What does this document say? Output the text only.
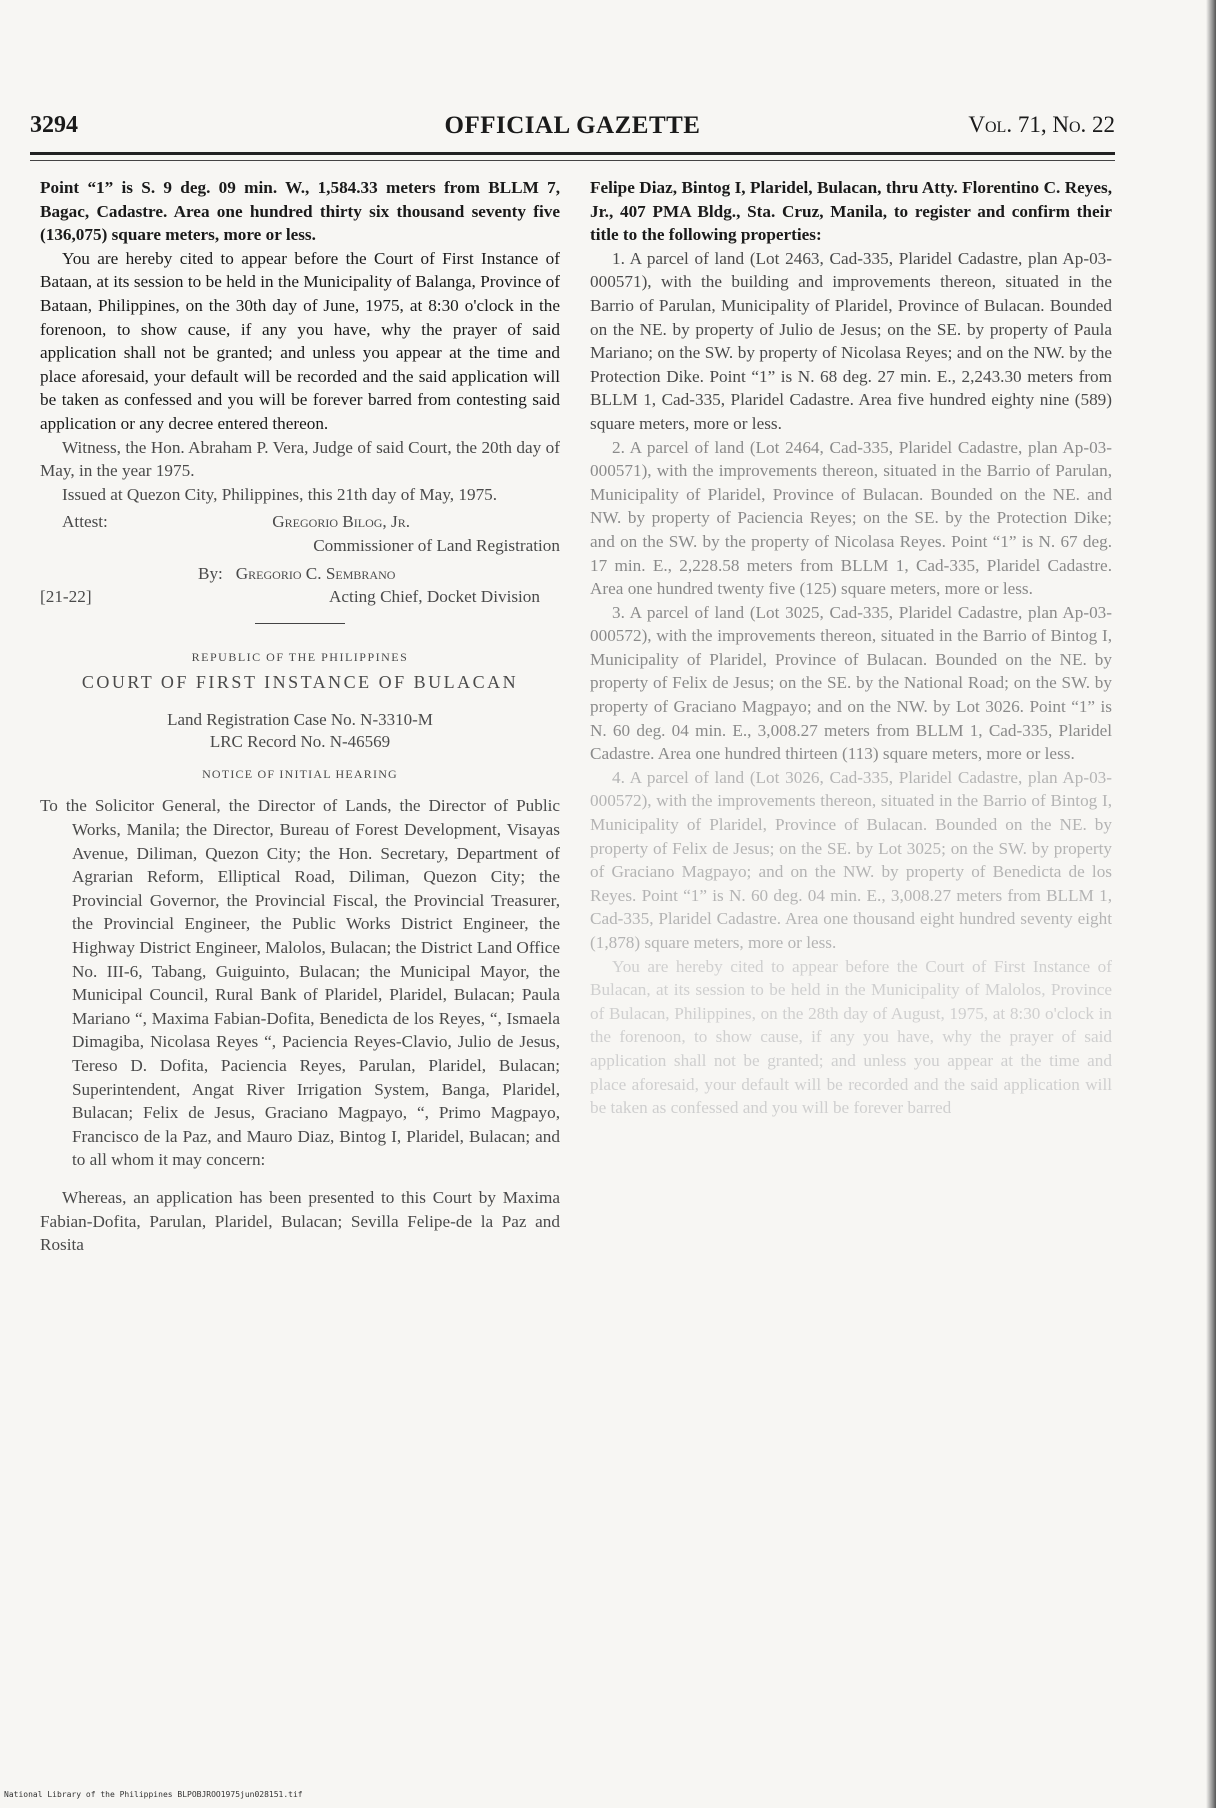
3294	OFFICIAL GAZETTE	Vol. 71, No. 22

Point “1” is S. 9 deg. 09 min. W., 1,584.33 meters from BLLM 7, Bagac, Cadastre. Area one hundred thirty six thousand seventy five (136,075) square meters, more or less.

You are hereby cited to appear before the Court of First Instance of Bataan, at its session to be held in the Municipality of Balanga, Province of Bataan, Philippines, on the 30th day of June, 1975, at 8:30 o'clock in the forenoon, to show cause, if any you have, why the prayer of said application shall not be granted; and unless you appear at the time and place aforesaid, your default will be recorded and the said application will be taken as confessed and you will be forever barred from contesting said application or any decree entered thereon.

Witness, the Hon. Abraham P. Vera, Judge of said Court, the 20th day of May, in the year 1975.

Issued at Quezon City, Philippines, this 21th day of May, 1975.

Attest:	Gregorio Bilog, Jr.
Commissioner of Land Registration
By: Gregorio C. Sembrano
[21-22]	Acting Chief, Docket Division
REPUBLIC OF THE PHILIPPINES
COURT OF FIRST INSTANCE OF BULACAN
Land Registration Case No. N-3310-M
LRC Record No. N-46569
NOTICE OF INITIAL HEARING

To the Solicitor General, the Director of Lands, the Director of Public Works, Manila; the Director, Bureau of Forest Development, Visayas Avenue, Diliman, Quezon City; the Hon. Secretary, Department of Agrarian Reform, Elliptical Road, Diliman, Quezon City; the Provincial Governor, the Provincial Fiscal, the Provincial Treasurer, the Provincial Engineer, the Public Works District Engineer, the Highway District Engineer, Malolos, Bulacan; the District Land Office No. III-6, Tabang, Guiguinto, Bulacan; the Municipal Mayor, the Municipal Council, Rural Bank of Plaridel, Plaridel, Bulacan; Paula Mariano “, Maxima Fabian-Dofita, Benedicta de los Reyes, “, Ismaela Dimagiba, Nicolasa Reyes “, Paciencia Reyes-Clavio, Julio de Jesus, Tereso D. Dofita, Paciencia Reyes, Parulan, Plaridel, Bulacan; Superintendent, Angat River Irrigation System, Banga, Plaridel, Bulacan; Felix de Jesus, Graciano Magpayo, “, Primo Magpayo, Francisco de la Paz, and Mauro Diaz, Bintog I, Plaridel, Bulacan; and to all whom it may concern:

Whereas, an application has been presented to this Court by Maxima Fabian-Dofita, Parulan, Plaridel, Bulacan; Sevilla Felipe-de la Paz and Rosita

Felipe Diaz, Bintog I, Plaridel, Bulacan, thru Atty. Florentino C. Reyes, Jr., 407 PMA Bldg., Sta. Cruz, Manila, to register and confirm their title to the following properties:

1. A parcel of land (Lot 2463, Cad-335, Plaridel Cadastre, plan Ap-03-000571), with the building and improvements thereon, situated in the Barrio of Parulan, Municipality of Plaridel, Province of Bulacan. Bounded on the NE. by property of Julio de Jesus; on the SE. by property of Paula Mariano; on the SW. by property of Nicolasa Reyes; and on the NW. by the Protection Dike. Point “1” is N. 68 deg. 27 min. E., 2,243.30 meters from BLLM 1, Cad-335, Plaridel Cadastre. Area five hundred eighty nine (589) square meters, more or less.

2. A parcel of land (Lot 2464, Cad-335, Plaridel Cadastre, plan Ap-03-000571), with the improvements thereon, situated in the Barrio of Parulan, Municipality of Plaridel, Province of Bulacan. Bounded on the NE. and NW. by property of Paciencia Reyes; on the SE. by the Protection Dike; and on the SW. by the property of Nicolasa Reyes. Point “1” is N. 67 deg. 17 min. E., 2,228.58 meters from BLLM 1, Cad-335, Plaridel Cadastre. Area one hundred twenty five (125) square meters, more or less.

3. A parcel of land (Lot 3025, Cad-335, Plaridel Cadastre, plan Ap-03-000572), with the improvements thereon, situated in the Barrio of Bintog I, Municipality of Plaridel, Province of Bulacan. Bounded on the NE. by property of Felix de Jesus; on the SE. by the National Road; on the SW. by property of Graciano Magpayo; and on the NW. by Lot 3026. Point “1” is N. 60 deg. 04 min. E., 3,008.27 meters from BLLM 1, Cad-335, Plaridel Cadastre. Area one hundred thirteen (113) square meters, more or less.

4. A parcel of land (Lot 3026, Cad-335, Plaridel Cadastre, plan Ap-03-000572), with the improvements thereon, situated in the Barrio of Bintog I, Municipality of Plaridel, Province of Bulacan. Bounded on the NE. by property of Felix de Jesus; on the SE. by Lot 3025; on the SW. by property of Graciano Magpayo; and on the NW. by property of Benedicta de los Reyes. Point “1” is N. 60 deg. 04 min. E., 3,008.27 meters from BLLM 1, Cad-335, Plaridel Cadastre. Area one thousand eight hundred seventy eight (1,878) square meters, more or less.

You are hereby cited to appear before the Court of First Instance of Bulacan, at its session to be held in the Municipality of Malolos, Province of Bulacan, Philippines, on the 28th day of August, 1975, at 8:30 o'clock in the forenoon, to show cause, if any you have, why the prayer of said application shall not be granted; and unless you appear at the time and place aforesaid, your default will be recorded and the said application will be taken as confessed and you will be forever barred

National Library of the Philippines BLPOBJROO1975jun028151.tif
